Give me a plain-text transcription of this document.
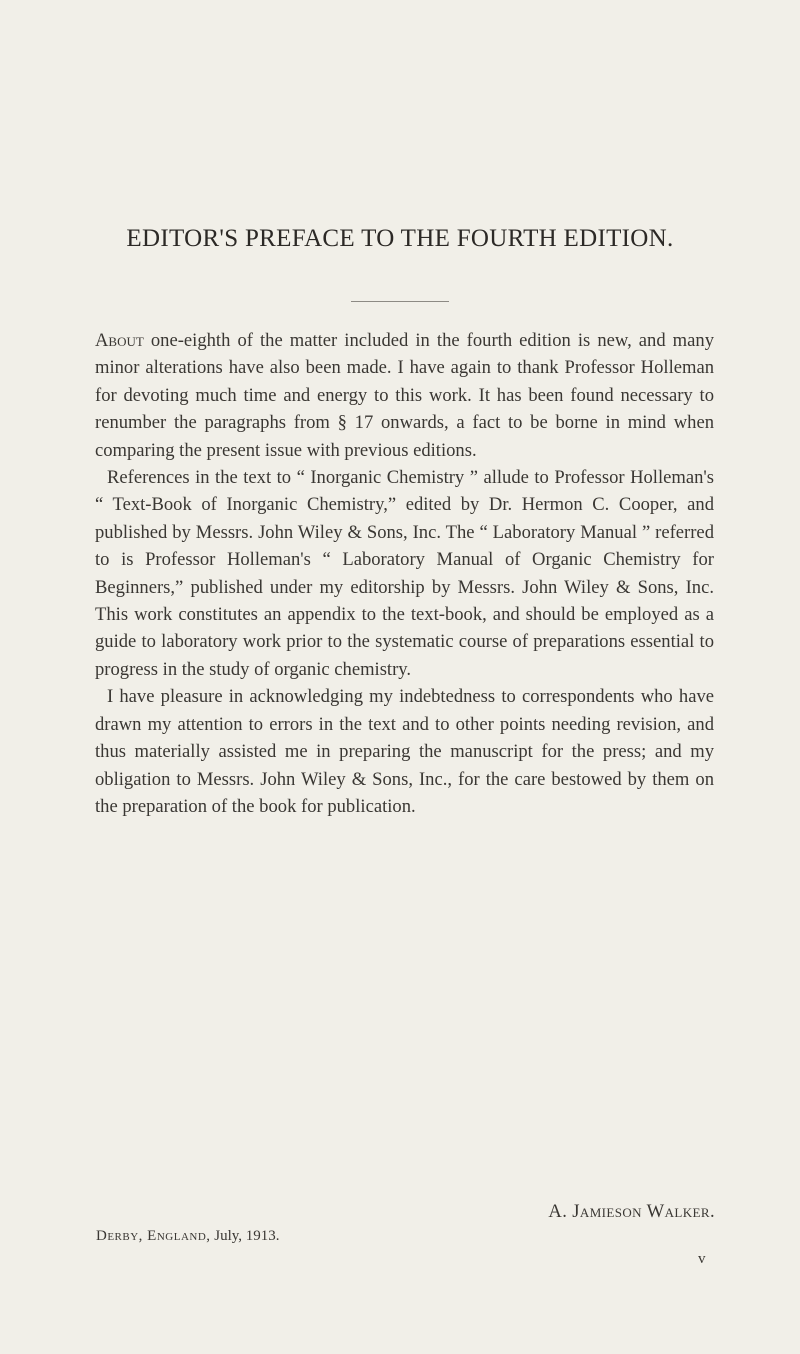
EDITOR'S PREFACE TO THE FOURTH EDITION.

About one-eighth of the matter included in the fourth edition is new, and many minor alterations have also been made. I have again to thank Professor Holleman for devoting much time and energy to this work. It has been found necessary to renumber the paragraphs from § 17 onwards, a fact to be borne in mind when comparing the present issue with previous editions.

References in the text to “ Inorganic Chemistry ” allude to Professor Holleman's “ Text-Book of Inorganic Chemistry,” edited by Dr. Hermon C. Cooper, and published by Messrs. John Wiley & Sons, Inc. The “ Laboratory Manual ” referred to is Professor Holleman's “ Laboratory Manual of Organic Chemistry for Beginners,” published under my editorship by Messrs. John Wiley & Sons, Inc. This work constitutes an appendix to the text-book, and should be employed as a guide to laboratory work prior to the systematic course of preparations essential to progress in the study of organic chemistry.

I have pleasure in acknowledging my indebtedness to correspondents who have drawn my attention to errors in the text and to other points needing revision, and thus materially assisted me in preparing the manuscript for the press; and my obligation to Messrs. John Wiley & Sons, Inc., for the care bestowed by them on the preparation of the book for publication.

A. Jamieson Walker.
Derby, England, July, 1913.
v
